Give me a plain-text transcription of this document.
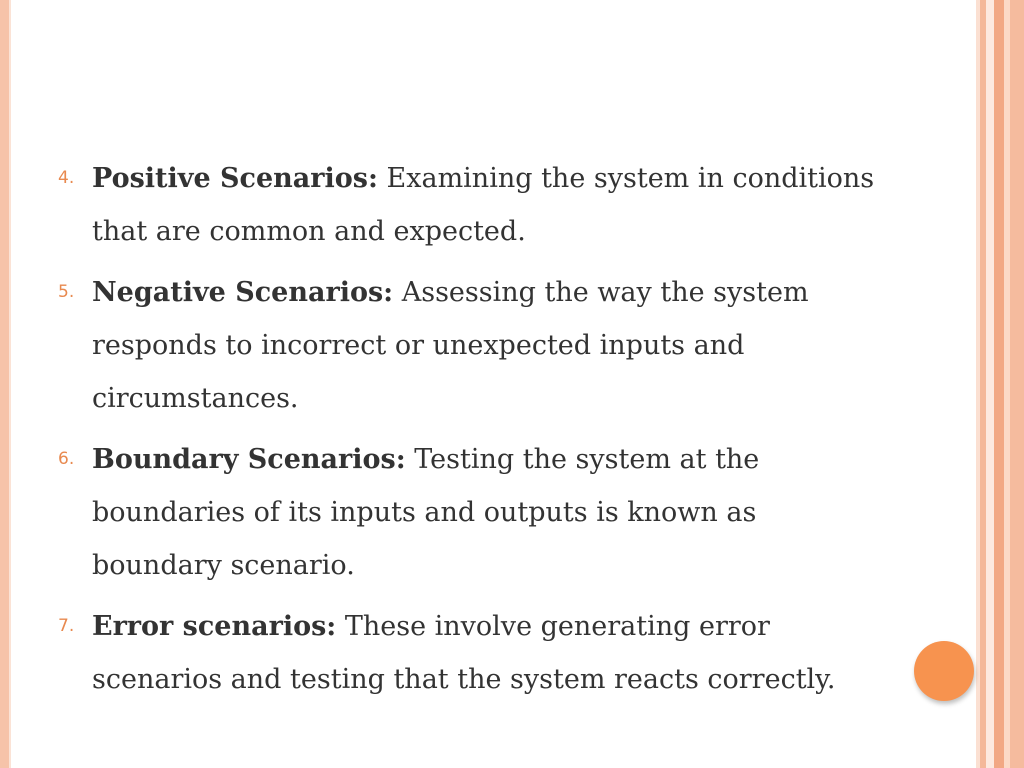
4. Positive Scenarios: Examining the system in conditions that are common and expected.
5. Negative Scenarios: Assessing the way the system responds to incorrect or unexpected inputs and circumstances.
6. Boundary Scenarios: Testing the system at the boundaries of its inputs and outputs is known as boundary scenario.
7. Error scenarios: These involve generating error scenarios and testing that the system reacts correctly.
